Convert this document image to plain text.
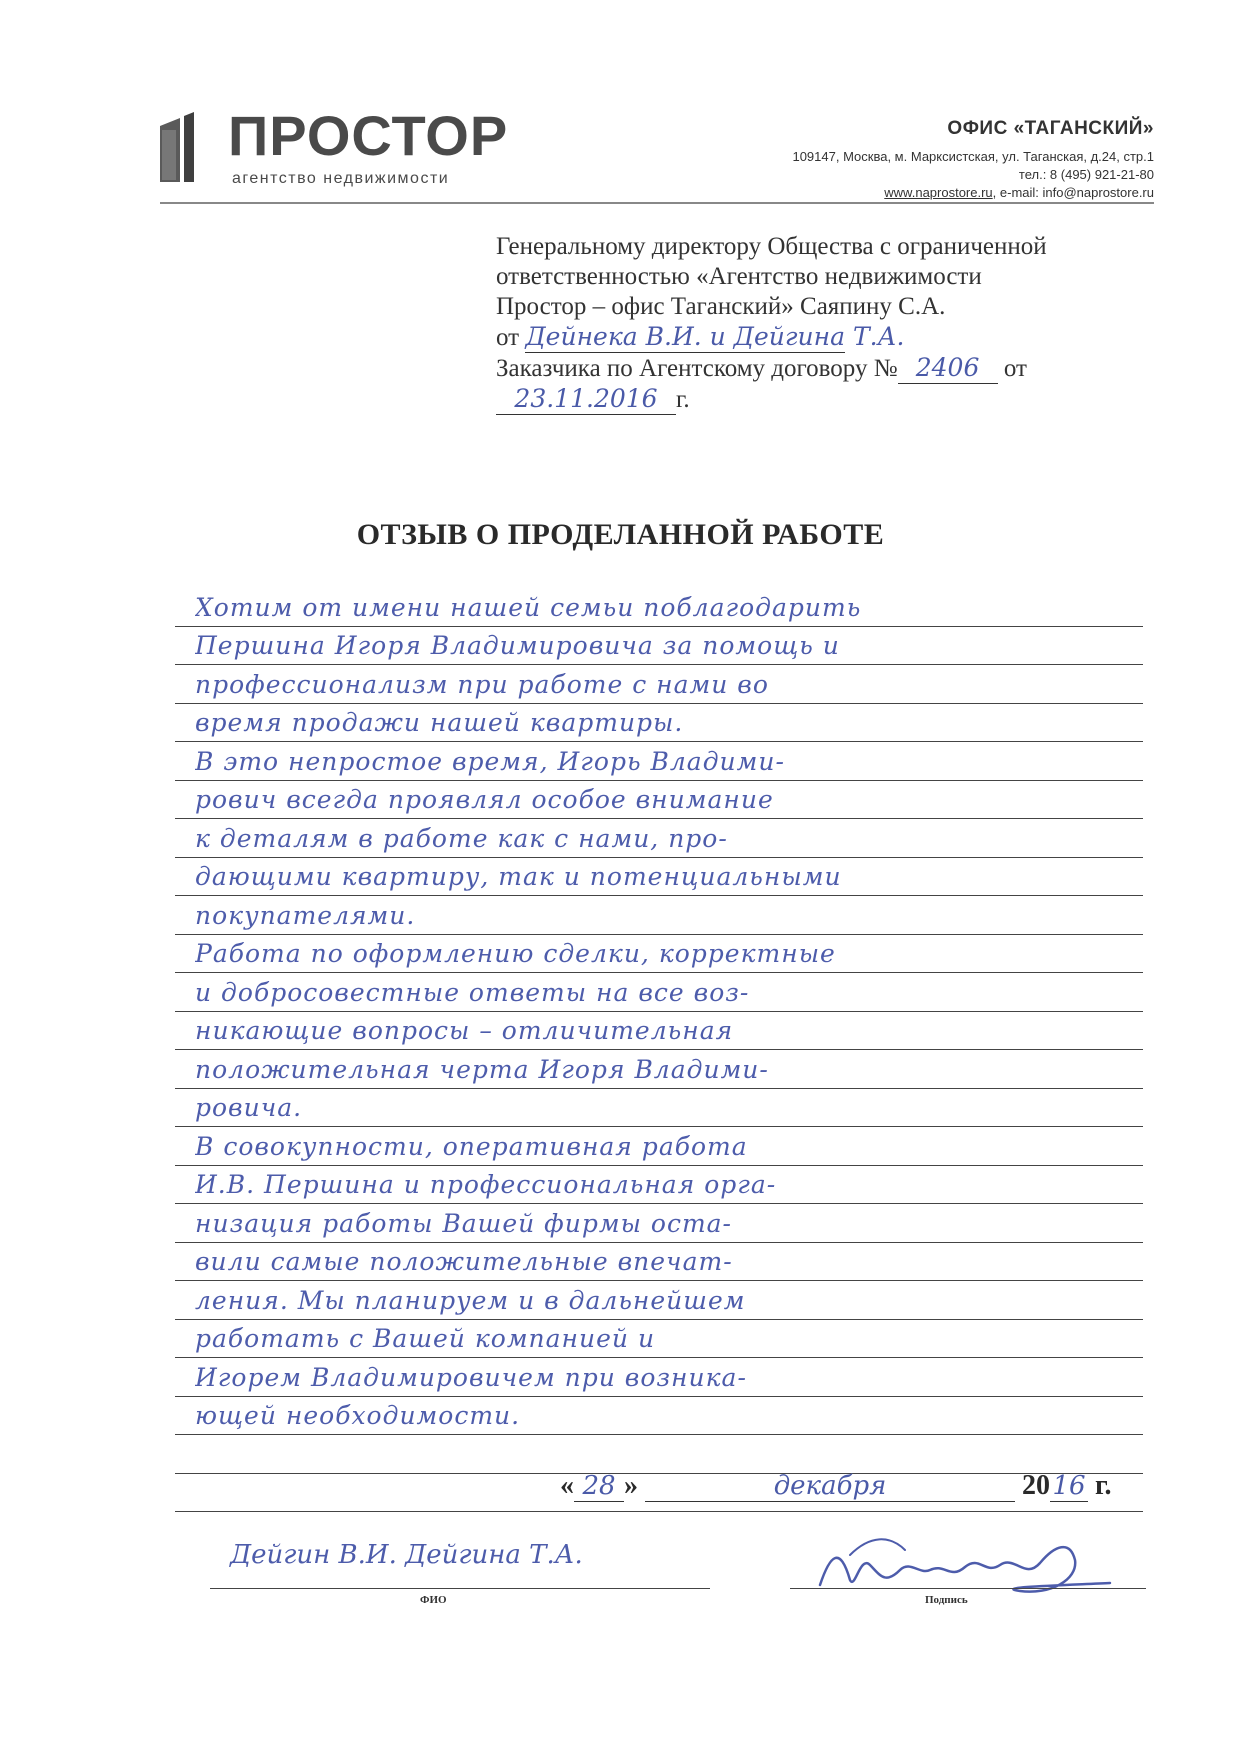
ПРОСТОР
агентство недвижимости
ОФИС «ТАГАНСКИЙ»
109147, Москва, м. Марксистская, ул. Таганская, д.24, стр.1
тел.: 8 (495) 921-21-80
www.naprostore.ru, e-mail: info@naprostore.ru
Генеральному директору Общества с ограниченной
ответственностью «Агентство недвижимости
Простор – офис Таганский» Саяпину С.А.
от Дейнека В.И. и Дейгина Т.А.
Заказчика по Агентскому договору № 2406 от
23.11.2016 г.
ОТЗЫВ О ПРОДЕЛАННОЙ РАБОТЕ
Хотим от имени нашей семьи поблагодарить
Першина Игоря Владимировича за помощь и
профессионализм при работе с нами во
время продажи нашей квартиры.
В это непростое время, Игорь Владими-
рович всегда проявлял особое внимание
к деталям в работе как с нами, про-
дающими квартиру, так и потенциальными
покупателями.
Работа по оформлению сделки, корректные
и добросовестные ответы на все воз-
никающие вопросы – отличительная
положительная черта Игоря Владими-
ровича.
В совокупности, оперативная работа
И.В. Першина и профессиональная орга-
низация работы Вашей фирмы оста-
вили самые положительные впечат-
ления. Мы планируем и в дальнейшем
работать с Вашей компанией и
Игорем Владимировичем при возника-
ющей необходимости.
« 28 »	декабря	2016 г.
Дейгин В.И. Дейгина Т.А.
ФИО	Подпись
